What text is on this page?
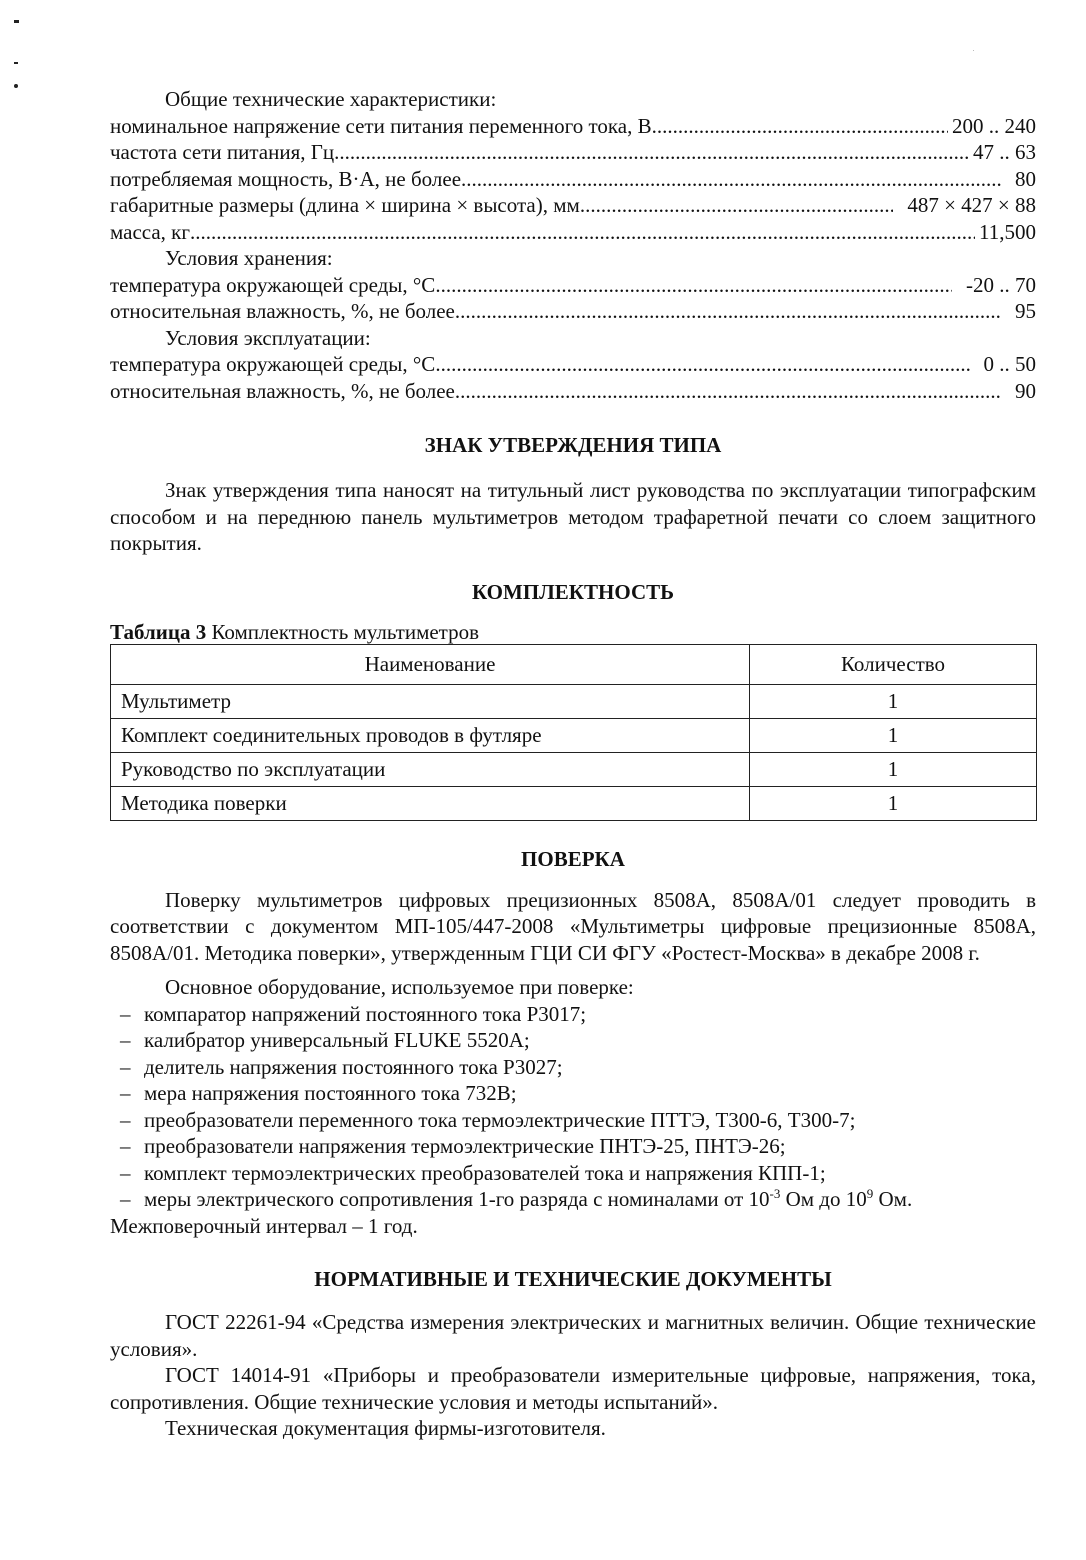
Общие технические характеристики:

номинальное напряжение сети питания переменного тока, В .....	200 .. 240
частота сети питания, Гц .....	47 .. 63
потребляемая мощность, В·А, не более .....	80
габаритные размеры (длина × ширина × высота), мм .....	487 × 427 × 88
масса, кг .....	11,500

Условия хранения:

температура окружающей среды, °С .....	-20 .. 70
относительная влажность, %, не более .....	95

Условия эксплуатации:

температура окружающей среды, °С .....	0 .. 50
относительная влажность, %, не более .....	90
ЗНАК УТВЕРЖДЕНИЯ ТИПА

Знак утверждения типа наносят на титульный лист руководства по эксплуатации типографским способом и на переднюю панель мультиметров методом трафаретной печати со слоем защитного покрытия.

КОМПЛЕКТНОСТЬ

Таблица 3 Комплектность мультиметров

Наименование	Количество
Мультиметр	1
Комплект соединительных проводов в футляре	1
Руководство по эксплуатации	1
Методика поверки	1
ПОВЕРКА

Поверку мультиметров цифровых прецизионных 8508A, 8508A/01 следует проводить в соответствии с документом МП-105/447-2008 «Мультиметры цифровые прецизионные 8508A, 8508A/01. Методика поверки», утвержденным ГЦИ СИ ФГУ «Ростест-Москва» в декабре 2008 г.

Основное оборудование, используемое при поверке:

– компаратор напряжений постоянного тока Р3017;

– калибратор универсальный FLUKE 5520A;

– делитель напряжения постоянного тока Р3027;

– мера напряжения постоянного тока 732В;

– преобразователи переменного тока термоэлектрические ПТТЭ, Т300-6, Т300-7;

– преобразователи напряжения термоэлектрические ПНТЭ-25, ПНТЭ-26;

– комплект термоэлектрических преобразователей тока и напряжения КПП-1;

– меры электрического сопротивления 1-го разряда с номиналами от $10^{-3}$ Ом до $10^9$ Ом.

Межповерочный интервал – 1 год.

НОРМАТИВНЫЕ И ТЕХНИЧЕСКИЕ ДОКУМЕНТЫ

ГОСТ 22261-94 «Средства измерения электрических и магнитных величин. Общие технические условия».

ГОСТ 14014-91 «Приборы и преобразователи измерительные цифровые, напряжения, тока, сопротивления. Общие технические условия и методы испытаний».

Техническая документация фирмы-изготовителя.
